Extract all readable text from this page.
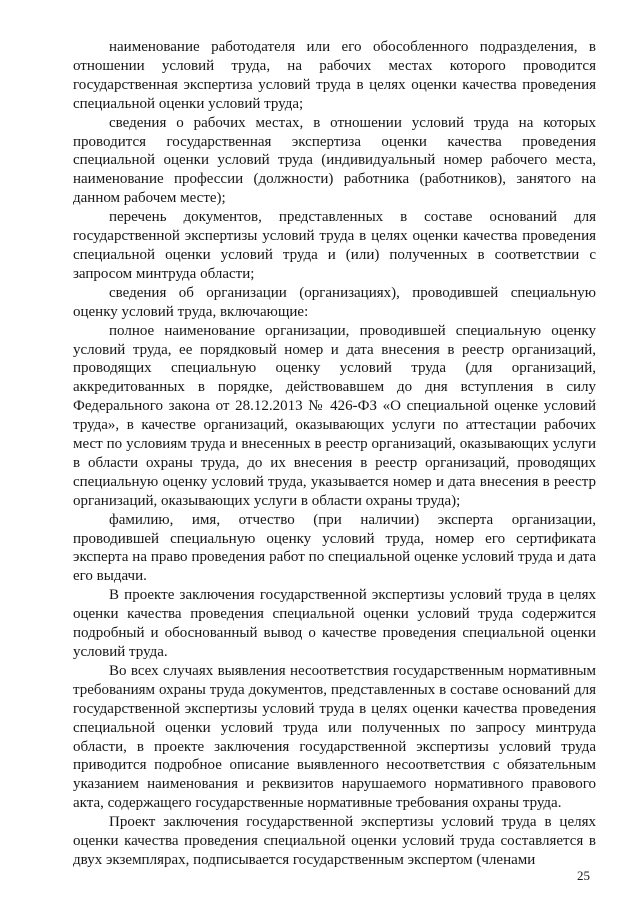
наименование работодателя или его обособленного подразделения, в отношении условий труда, на рабочих местах которого проводится государственная экспертиза условий труда в целях оценки качества проведения специальной оценки условий труда;

сведения о рабочих местах, в отношении условий труда на которых проводится государственная экспертиза оценки качества проведения специальной оценки условий труда (индивидуальный номер рабочего места, наименование профессии (должности) работника (работников), занятого на данном рабочем месте);

перечень документов, представленных в составе оснований для государственной экспертизы условий труда в целях оценки качества проведения специальной оценки условий труда и (или) полученных в соответствии с запросом минтруда области;

сведения об организации (организациях), проводившей специальную оценку условий труда, включающие:

полное наименование организации, проводившей специальную оценку условий труда, ее порядковый номер и дата внесения в реестр организаций, проводящих специальную оценку условий труда (для организаций, аккредитованных в порядке, действовавшем до дня вступления в силу Федерального закона от 28.12.2013 № 426-ФЗ «О специальной оценке условий труда», в качестве организаций, оказывающих услуги по аттестации рабочих мест по условиям труда и внесенных в реестр организаций, оказывающих услуги в области охраны труда, до их внесения в реестр организаций, проводящих специальную оценку условий труда, указывается номер и дата внесения в реестр организаций, оказывающих услуги в области охраны труда);

фамилию, имя, отчество (при наличии) эксперта организации, проводившей специальную оценку условий труда, номер его сертификата эксперта на право проведения работ по специальной оценке условий труда и дата его выдачи.

В проекте заключения государственной экспертизы условий труда в целях оценки качества проведения специальной оценки условий труда содержится подробный и обоснованный вывод о качестве проведения специальной оценки условий труда.

Во всех случаях выявления несоответствия государственным нормативным требованиям охраны труда документов, представленных в составе оснований для государственной экспертизы условий труда в целях оценки качества проведения специальной оценки условий труда или полученных по запросу минтруда области, в проекте заключения государственной экспертизы условий труда приводится подробное описание выявленного несоответствия с обязательным указанием наименования и реквизитов нарушаемого нормативного правового акта, содержащего государственные нормативные требования охраны труда.

Проект заключения государственной экспертизы условий труда в целях оценки качества проведения специальной оценки условий труда составляется в двух экземплярах, подписывается государственным экспертом (членами

25
